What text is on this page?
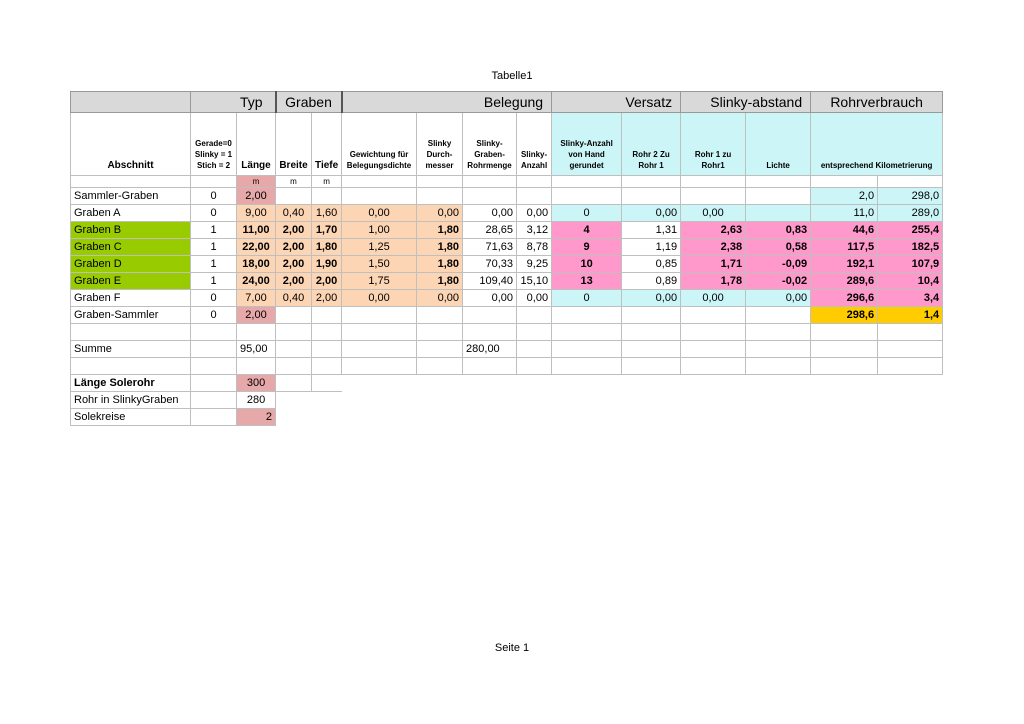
Tabelle1
	Typ		Graben		Belegung				Versatz		Slinky-abstand		Rohrverbrauch	
Abschnitt	Gerade=0 Slinky = 1 Stich = 2	Länge	Breite	Tiefe	Gewichtung für Belegungsdichte	Slinky Durch-messer	Slinky-Graben-Rohrmenge	Slinky-Anzahl	Slinky-Anzahl von Hand gerundet	Rohr 2 Zu Rohr 1	Rohr 1 zu Rohr1	Lichte	entsprechend Kilometrierung	
		m	m	m										
Sammler-Graben	0	2,00											2,0	298,0
Graben A	0	9,00	0,40	1,60	0,00	0,00	0,00	0,00	0	0,00	0,00		11,0	289,0
Graben B	1	11,00	2,00	1,70	1,00	1,80	28,65	3,12	4	1,31	2,63	0,83	44,6	255,4
Graben C	1	22,00	2,00	1,80	1,25	1,80	71,63	8,78	9	1,19	2,38	0,58	117,5	182,5
Graben D	1	18,00	2,00	1,90	1,50	1,80	70,33	9,25	10	0,85	1,71	-0,09	192,1	107,9
Graben E	1	24,00	2,00	2,00	1,75	1,80	109,40	15,10	13	0,89	1,78	-0,02	289,6	10,4
Graben F	0	7,00	0,40	2,00	0,00	0,00	0,00	0,00	0	0,00	0,00	0,00	296,6	3,4
Graben-Sammler	0	2,00											298,6	1,4

Summe		95,00					280,00							

Länge Solerohr		300												
Rohr in SlinkyGraben		280												
Solekreise		2												
Seite 1
